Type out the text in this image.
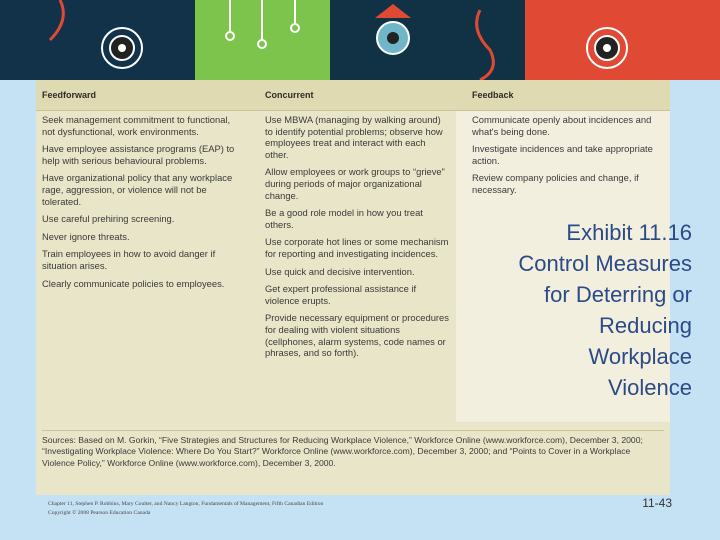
Feedforward	Concurrent	Feedback

Seek management commitment to functional, not dysfunctional, work environments.

Have employee assistance programs (EAP) to help with serious behavioural problems.

Have organizational policy that any workplace rage, aggression, or violence will not be tolerated.

Use careful prehiring screening.

Never ignore threats.

Train employees in how to avoid danger if situation arises.

Clearly communicate policies to employees.

Use MBWA (managing by walking around) to identify potential problems; observe how employees treat and interact with each other.

Allow employees or work groups to “grieve” during periods of major organizational change.

Be a good role model in how you treat others.

Use corporate hot lines or some mechanism for reporting and investigating incidences.

Use quick and decisive intervention.

Get expert professional assistance if violence erupts.

Provide necessary equipment or procedures for dealing with violent situations (cellphones, alarm systems, code names or phrases, and so forth).

Communicate openly about incidences and what's being done.

Investigate incidences and take appropriate action.

Review company policies and change, if necessary.

Sources: Based on M. Gorkin, “Five Strategies and Structures for Reducing Workplace Violence,” Workforce Online (www.workforce.com), December 3, 2000; “Investigating Workplace Violence: Where Do You Start?” Workforce Online (www.workforce.com), December 3, 2000; and “Points to Cover in a Workplace Violence Policy,” Workforce Online (www.workforce.com), December 3, 2000.
Exhibit 11.16
Control Measures
for Deterring or
Reducing
Workplace
Violence
Chapter 11, Stephen P. Robbins, Mary Coulter, and Nancy Langton, Fundamentals of Management, Fifth Canadian Edition
Copyright © 2008 Pearson Education Canada
11-43
